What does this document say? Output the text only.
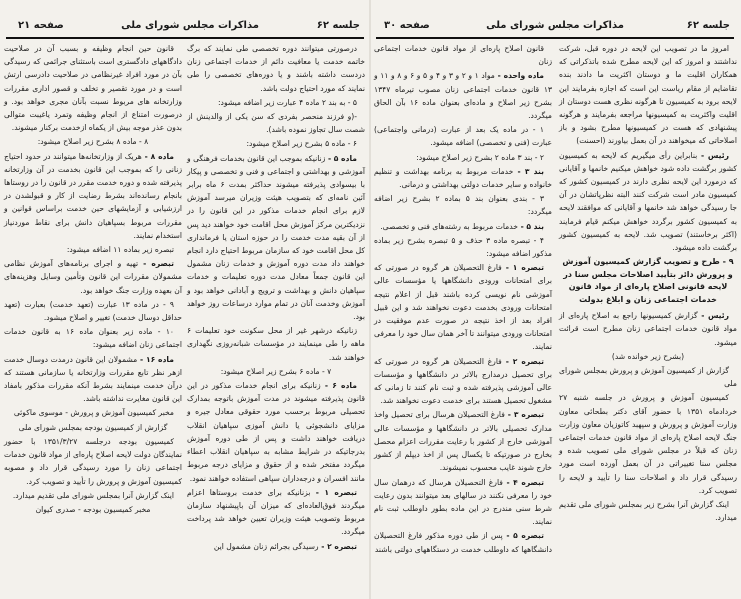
صفحه ۲۱	مذاکرات مجلس شورای ملی	جلسه ۶۲

درصورتی میتوانند دوره تخصصی طی نمایند که برگ خاتمه خدمت یا معافیت دائم از خدمات اجتماعی زنان دردست داشته باشند و یا دوره‌های تخصصی را طی نمایند که مورد احتیاج دولت باشد.

۵ - به بند ۲ ماده ۴ عبارت زیر اضافه میشود:

-(و فرزند منحصر بفردی که سن یکی از والدینش از شصت سال تجاوز نموده باشد).

۶ - ماده ۵ بشرح زیر اصلاح میشود:

ماده ۵ - زنانیکه بموجب این قانون بخدمات فرهنگی و آموزشی و بهداشتی و اجتماعی و فنی و تخصصی و پیکار با بیسوادی پذیرفته میشوند حداکثر بمدت ۶ ماه برابر آئین نامه‌ای که بتصویب هیئت وزیران میرسد آموزش لازم برای انجام خدمات مذکور در این قانون را در نزدیکترین مرکز آموزش محل اقامت خود خواهند دید پس از آن بقیه مدت خدمت را در حوزه استان یا فرمانداری کل محل اقامت خود که سازمان مربوط احتیاج دارد انجام خواهند داد مدت دوره آموزش و خدمات زنان مشمول این قانون جمعاً معادل مدت دوره تعلیمات و خدمات سپاهیان دانش و بهداشت و ترویج و آبادانی خواهد بود و آموزش وخدمت آنان در تمام موارد درساعات روز خواهد بود.

زنانیکه درشهر غیر از محل سکونت خود تعلیمات ۶ ماهه را طی مینمایند در مؤسسات شبانه‌روزی نگهداری خواهند شد.

۷ - ماده ۶ بشرح زیر اصلاح میشود:

ماده ۶ - زنانیکه برای انجام خدمات مذکور در این قانون پذیرفته میشوند در مدت آموزش باتوجه بمدارک تحصیلی مربوط برحسب مورد حقوقی معادل جیره و مزایای دانشجوئی یا دانش آموزی سپاهیان انقلاب دریافت خواهند داشت و پس از طی دوره آموزش بدرجاتیکه در شرایط مشابه به سپاهیان انقلاب اعطاء میگردد مفتخر شده و از حقوق و مزایای درجه مربوط مانند افسران و درجه‌داران سپاهی استفاده خواهند نمود.

تبصره ۱ - بزنانیکه برای خدمت بروستاها اعزام میگردند فوق‌العاده‌ای که میزان آن باپیشنهاد سازمان مربوط وتصویب هیئت وزیران تعیین خواهد شد پرداخت میگردد.

تبصره ۲ - رسیدگی بجرائم زنان مشمول این

قانون حین انجام وظیفه و بسبب آن در صلاحیت دادگاههای دادگستری است باستثنای جرائمی که رسیدگی بآن در مورد افراد غیرنظامی در صلاحیت دادرسی ارتش است و در مورد تقصیر و تخلف و قصور اداری مقررات وزارتخانه های مربوط نسبت بآنان مجری خواهد بود. و درصورت امتناع از انجام وظیفه وتمرد یاغیبت متوالی بدون عذر موجه بیش از یکماه ازخدمت برکنار میشوند.

۸ - ماده ۸ بشرح زیر اصلاح میشود:

ماده ۸ - هریک از وزارتخانه‌ها میتوانند در حدود احتیاج زنانی را که بموجب این قانون بخدمت در آن وزارتخانه پذیرفته شده و دوره خدمت مقرر در قانون را در روستاها بانجام رسانده‌اند بشرط رضایت از کار و قبولشدن در ارزشیابی و آزمایشهای حین خدمت براساس قوانین و مقررات مربوط بسپاهیان دانش برای نقاط موردنیاز استخدام نمایند.

تبصره زیر بماده ۱۱ اضافه میشود:

تبصره - تهیه و اجرای برنامه‌های آموزش نظامی مشمولان مقررات این قانون وتأمین وسایل وهزینه‌های آن بعهده وزارت جنگ خواهد بود.

۹ - در ماده ۱۳ عبارت (تعهد خدمت) بعبارت (تعهد حداقل دوسال خدمت) تغییر و اصلاح میشود.

۱۰ - ماده زیر بعنوان ماده ۱۶ به قانون خدمات اجتماعی زنان اضافه میشود:

ماده ۱۶ - مشمولان این قانون درمدت دوسال خدمت ازهر نظر تابع مقررات وزارتخانه یا سازمانی هستند که درآن خدمت مینمایند بشرط آنکه مقررات مذکور بامفاد این قانون مغایرت نداشته باشد.

مخبر کمیسیون آموزش و پرورش - موسوی ماکوئی

گزارش از کمیسیون بودجه بمجلس شورای ملی

کمیسیون بودجه درجلسه ۱۳۵۱/۳/۲۷ با حضور نمایندگان دولت لایحه اصلاح پاره‌ای از مواد قانون خدمات اجتماعی زنان را مورد رسیدگی قرار داد و مصوبه کمیسیون آموزش و پرورش را تأیید و تصویب کرد.

اینک گزارش آنرا بمجلس شورای ملی تقدیم میدارد.

مخبر کمیسیون بودجه - صدری کیوان

صفحه ۳۰	مذاکرات مجلس شورای ملی	جلسه ۶۲

امروز ما در تصویب این لایحه در دوره قبل، شرکت نداشتند و امروز که این لایحه مطرح شده باتذکراتی که همکاران اقلیت ما و دوستان اکثریت ما دادند بنده تقاضایم از مقام ریاست این است که اجازه بفرمایند این لایحه برود به کمیسیون تا هرگونه نظری هست دوستان از اقلیت واکثریت به کمیسیونها مراجعه بفرمایند و هرگونه پیشنهادی که هست در کمیسیونها مطرح بشود و باز اصلاحاتی که میخواهند در آن بعمل بیاورند (احسنت)

رئیس - بنابراین رأی میگیریم که لایحه به کمیسیون کشور برگشت داده شود خواهش میکنیم خانمها و آقایانی که درمورد این لایحه نظری دارند در کمیسیون کشور که کمیسیون مادر است شرکت کنند البته نظرپاتشان در آن جا رسیدگی خواهد شد خانمها و آقایانی که موافقند لایحه به کمیسیون کشور برگردد خواهش میکنم قیام فرمایند (اکثر برخاستند) تصویب شد. لایحه به کمیسیون کشور برگشت داده میشود.

۹ - طرح و تصویب گزارش کمیسیون آموزش و پرورش دائر بتأیید اصلاحات مجلس سنا در لایحه قانونی اصلاح پاره‌ای از مواد قانون خدمات اجتماعی زنان و ابلاغ بدولت

رئیس - گزارش کمیسیونها راجع به اصلاح پاره‌ای از مواد قانون خدمات اجتماعی زنان مطرح است قرائت میشود.

(بشرح زیر خوانده شد)

گزارش از کمیسیون آموزش و پرورش بمجلس شورای ملی

کمیسیون آموزش و پرورش در جلسه شنبه ۲۷ خردادماه ۱۳۵۱ با حضور آقای دکتر بطحائی معاون وزارت آموزش و پرورش و سپهبد کاتوزیان معاون وزارت جنگ لایحه اصلاح پاره‌ای از مواد قانون خدمات اجتماعی زنان که قبلاً در مجلس شورای ملی تصویب شده و مجلس سنا تغییراتی در آن بعمل آورده است مورد رسیدگی قرار داد و اصلاحات سنا را تأیید و لایحه را تصویب کرد.

اینک گزارش آنرا بشرح زیر بمجلس شورای ملی تقدیم میدارد.

قانون اصلاح پاره‌ای از مواد قانون خدمات اجتماعی زنان

ماده واحده - مواد ۱ و ۲ و ۳ و ۴ و ۵ و ۶ و ۸ و ۱۱ و ۱۳ قانون خدمات اجتماعی زنان مصوب تیرماه ۱۳۴۷ بشرح زیر اصلاح و ماده‌ای بعنوان ماده ۱۶ بآن الحاق میگردد.

۱ - در ماده یک بعد از عبارت (درمانی واجتماعی) عبارت (فنی و تخصصی) اضافه میشود.

۲ - بند ۳ ماده ۲ بشرح زیر اصلاح میشود:

بند ۳ - خدمات مربوط به برنامه بهداشت و تنظیم خانواده و سایر خدمات دولتی بهداشتی و درمانی.

۳ - بندی بعنوان بند ۵ بماده ۲ بشرح زیر اضافه میگردد:

بند ۵ - خدمات مربوط به رشته‌های فنی و تخصصی.

۴ - تبصره ماده ۳ حذف و ۵ تبصره بشرح زیر بماده مذکور اضافه میشود:

تبصره ۱ - فارغ التحصیلان هر گروه در صورتی که برای امتحانات ورودی دانشگاهها یا مؤسسات عالی آموزشی نام نویسی کرده باشند قبل از اعلام نتیجه امتحانات ورودی بخدمت دعوت نخواهند شد و این قبیل افراد بعد از اخذ نتیجه در صورت عدم موفقیت در امتحانات ورودی میتوانند تا آخر همان سال خود را معرفی نمایند.

تبصره ۲ - فارغ التحصیلان هر گروه در صورتی که برای تحصیل درمدارج بالاتر در دانشگاهها و مؤسسات عالی آموزشی پذیرفته شده و ثبت نام کنند تا زمانی که مشغول تحصیل هستند برای خدمت دعوت نخواهند شد.

تبصره ۳ - فارغ التحصیلان هرسال برای تحصیل واخذ مدارک تحصیلی بالاتر در دانشگاهها و مؤسسات عالی آموزشی خارج از کشور با رعایت مقررات اعزام محصل بخارج در صورتیکه تا یکسال پس از اخذ دیپلم از کشور خارج شوند غایب محسوب نمیشوند.

تبصره ۴ - فارغ التحصیلان هرسال که درهمان سال خود را معرفی نکنند در سالهای بعد میتوانند بدون رعایت شرط سنی مندرج در این ماده بطور داوطلب ثبت نام نمایند.

تبصره ۵ - پس از طی دوره مذکور فارغ التحصیلان دانشگاهها که داوطلب خدمت در دستگاههای دولتی باشند
